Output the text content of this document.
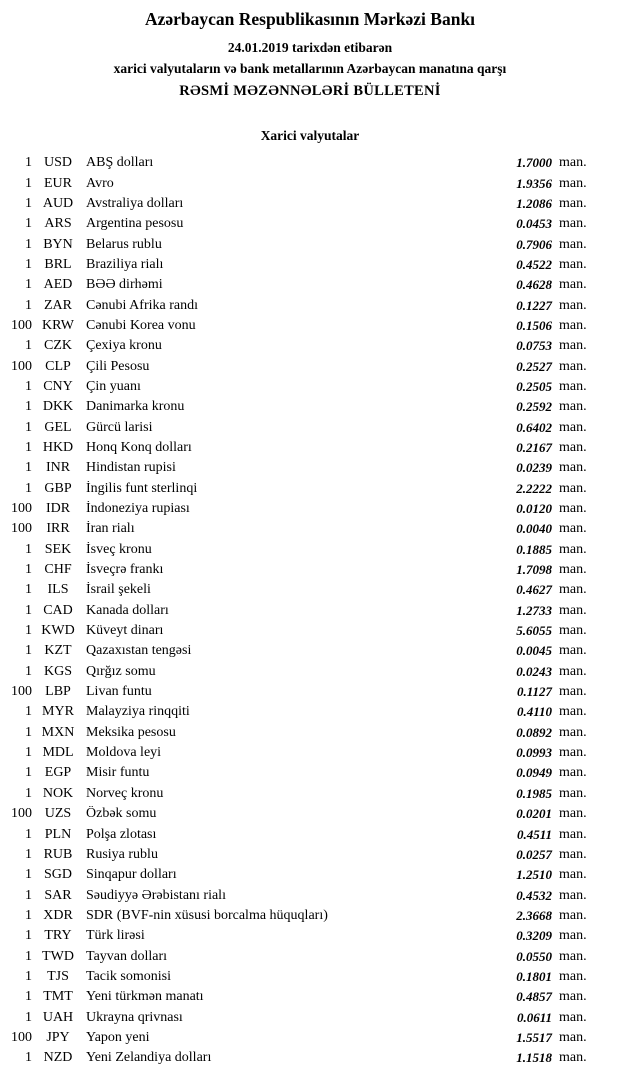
Azərbaycan Respublikasının Mərkəzi Bankı
24.01.2019 tarixdən etibarən
xarici valyutaların və bank metallarının Azərbaycan manatına qarşı
RƏSMİ MƏZƏNNƏLƏRİ BÜLLETENİ
Xarici valyutalar
1 USD	ABŞ dolları	1.7000 man.
1 EUR	Avro	1.9356 man.
1 AUD Avstraliya dolları	1.2086 man.
1 ARS	Argentina pesosu	0.0453 man.
1 BYN Belarus rublu	0.7906 man.
1 BRL	Braziliya rialı	0.4522 man.
1 AED BƏƏ dirhəmi	0.4628 man.
1 ZAR	Cənubi Afrika randı	0.1227 man.
100 KRW Cənubi Korea vonu	0.1506 man.
1 CZK	Çexiya kronu	0.0753 man.
100 CLP	Çili Pesosu	0.2527 man.
1 CNY Çin yuanı	0.2505 man.
1 DKK Danimarka kronu	0.2592 man.
1 GEL	Gürcü larisi	0.6402 man.
1 HKD Honq Konq dolları	0.2167 man.
1 INR	Hindistan rupisi	0.0239 man.
1 GBP	İngilis funt sterlinqi	2.2222 man.
100 IDR	İndoneziya rupiası	0.0120 man.
100	IRR	İran rialı	0.0040 man.
1 SEK	İsveç kronu	0.1885 man.
1 CHF	İsveçrə frankı	1.7098 man.
1	ILS	İsrail şekeli	0.4627 man.
1 CAD Kanada dolları	1.2733 man.
1 KWD Küveyt dinarı	5.6055 man.
1 KZT	Qazaxıstan tengəsi	0.0045 man.
1 KGS	Qırğız somu	0.0243 man.
100 LBP	Livan funtu	0.1127 man.
1 MYR Malayziya rinqqiti	0.4110 man.
1 MXN Meksika pesosu	0.0892 man.
1 MDL Moldova leyi	0.0993 man.
1 EGP	Misir funtu	0.0949 man.
1 NOK Norveç kronu	0.1985 man.
100 UZS	Özbək somu	0.0201 man.
1 PLN	Polşa zlotası	0.4511 man.
1 RUB Rusiya rublu	0.0257 man.
1 SGD	Sinqapur dolları	1.2510 man.
1 SAR	Səudiyyə Ərəbistanı rialı	0.4532 man.
1 XDR SDR (BVF-nin xüsusi borcalma hüquqları)	2.3668 man.
1 TRY	Türk lirəsi	0.3209 man.
1 TWD Tayvan dolları	0.0550 man.
1	TJS	Tacik somonisi	0.1801 man.
1 TMT Yeni türkmən manatı	0.4857 man.
1 UAH Ukrayna qrivnası	0.0611 man.
100	JPY	Yapon yeni	1.5517 man.
1 NZD Yeni Zelandiya dolları	1.1518 man.
